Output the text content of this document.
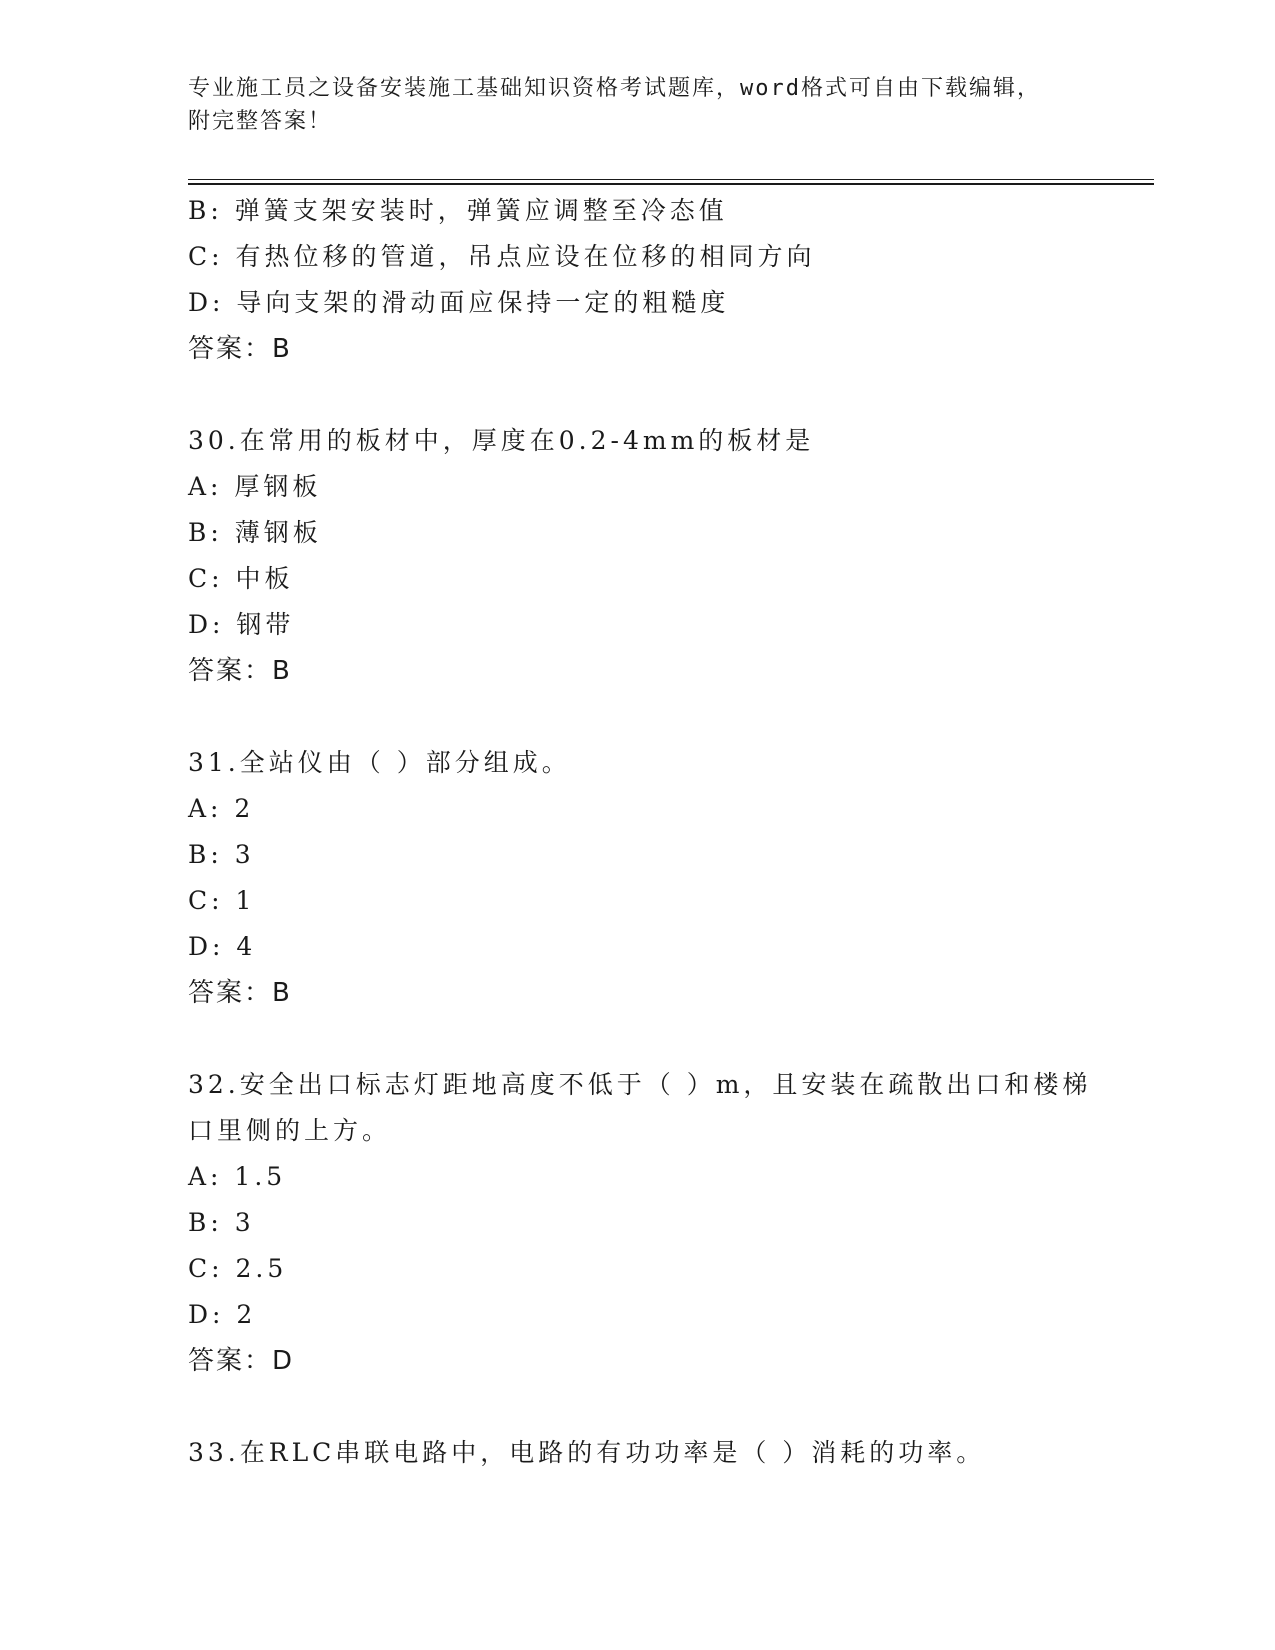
专业施工员之设备安装施工基础知识资格考试题库，word格式可自由下载编辑，
附完整答案！
B: 弹簧支架安装时，弹簧应调整至冷态值
C: 有热位移的管道，吊点应设在位移的相同方向
D: 导向支架的滑动面应保持一定的粗糙度
答案：B
30.在常用的板材中，厚度在0.2-4mm的板材是
A: 厚钢板
B: 薄钢板
C: 中板
D: 钢带
答案：B
31.全站仪由（ ）部分组成。
A: 2
B: 3
C: 1
D: 4
答案：B
32.安全出口标志灯距地高度不低于（ ）m，且安装在疏散出口和楼梯
口里侧的上方。
A: 1.5
B: 3
C: 2.5
D: 2
答案：D
33.在RLC串联电路中，电路的有功功率是（ ）消耗的功率。
